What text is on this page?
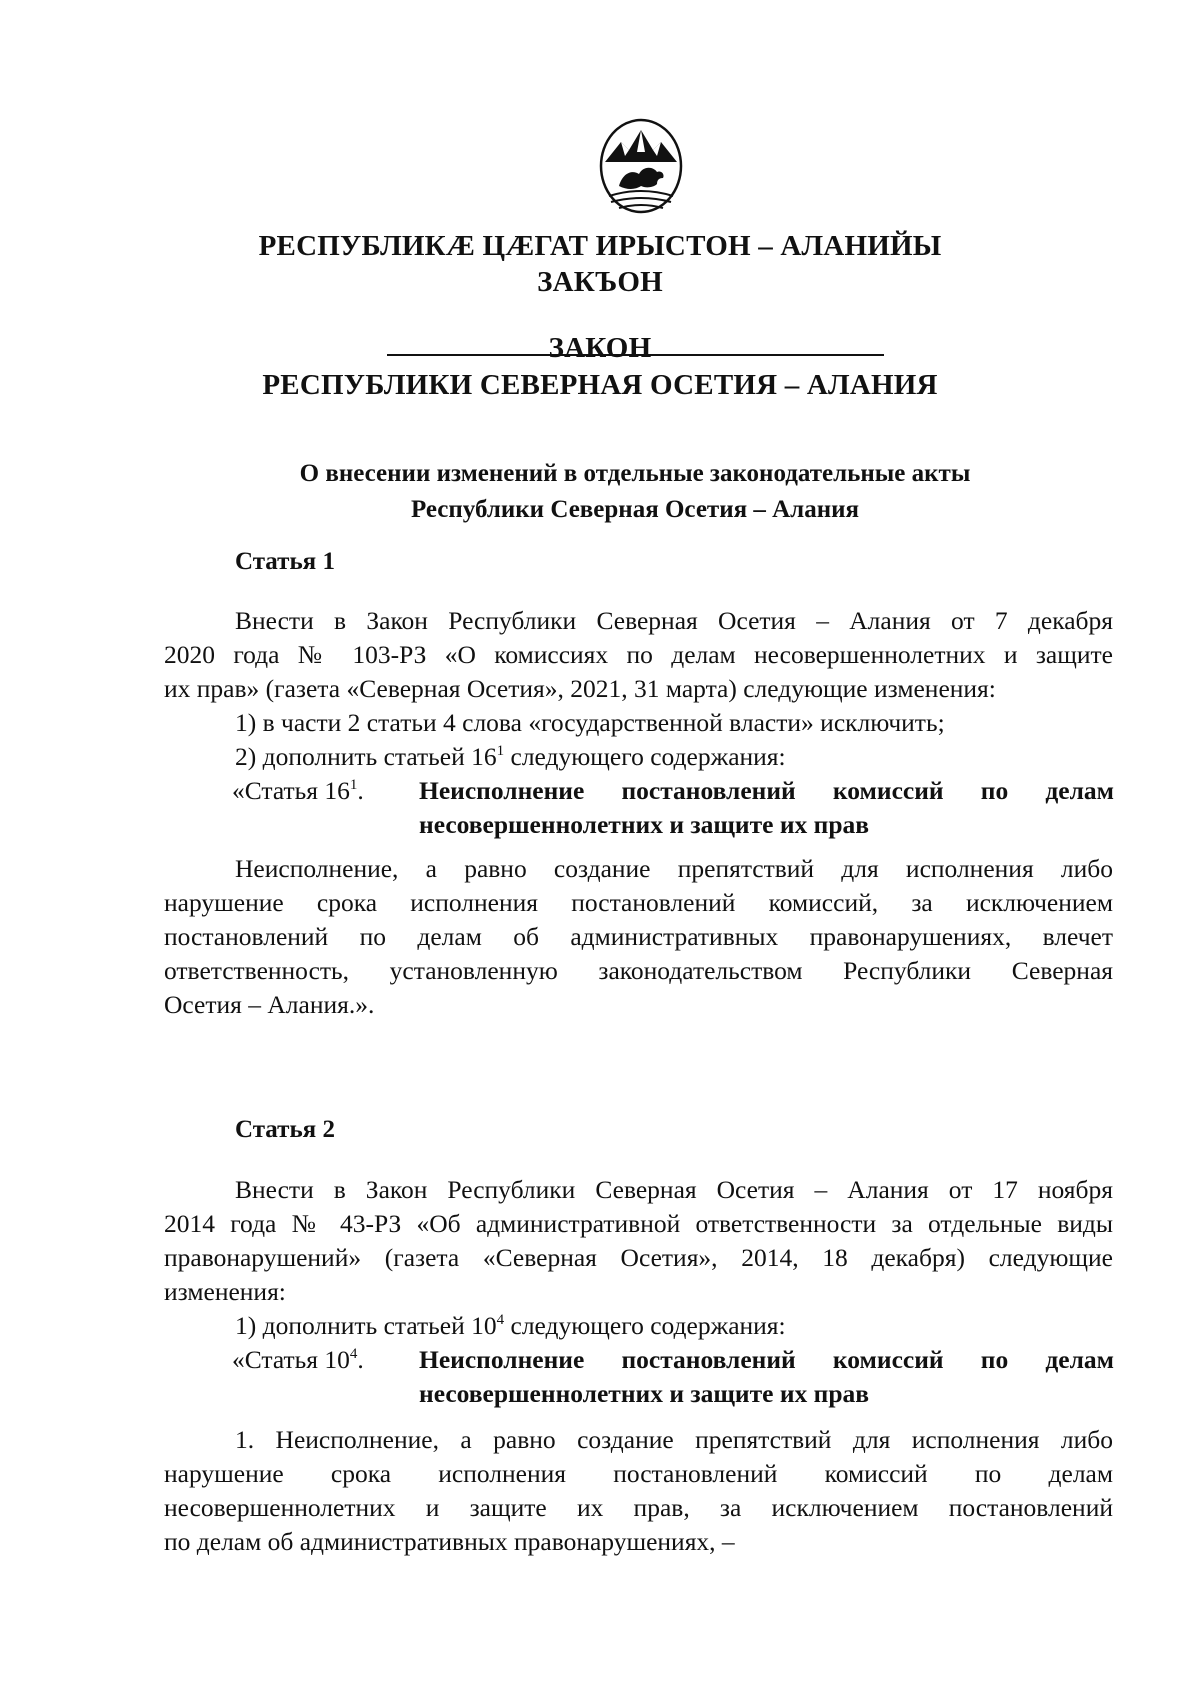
РЕСПУБЛИКӔ ЦӔГАТ ИРЫСТОН – АЛАНИЙЫ
ЗАКЪОН
ЗАКОН
РЕСПУБЛИКИ СЕВЕРНАЯ ОСЕТИЯ – АЛАНИЯ
О внесении изменений в отдельные законодательные акты
Республики Северная Осетия – Алания
Статья 1
Внести в Закон Республики Северная Осетия – Алания от 7 декабря
2020 года № 103-РЗ «О комиссиях по делам несовершеннолетних и защите
их прав» (газета «Северная Осетия», 2021, 31 марта) следующие изменения:
1) в части 2 статьи 4 слова «государственной власти» исключить;
2) дополнить статьей $16^1$ следующего содержания:
«Статья $16^1$. Неисполнение постановлений комиссий по делам
несовершеннолетних и защите их прав
Неисполнение, а равно создание препятствий для исполнения либо
нарушение срока исполнения постановлений комиссий, за исключением
постановлений по делам об административных правонарушениях, влечет
ответственность, установленную законодательством Республики Северная
Осетия – Алания.».
Статья 2
Внести в Закон Республики Северная Осетия – Алания от 17 ноября
2014 года № 43-РЗ «Об административной ответственности за отдельные виды
правонарушений» (газета «Северная Осетия», 2014, 18 декабря) следующие
изменения:
1) дополнить статьей $10^4$ следующего содержания:
«Статья $10^4$. Неисполнение постановлений комиссий по делам
несовершеннолетних и защите их прав
1. Неисполнение, а равно создание препятствий для исполнения либо
нарушение срока исполнения постановлений комиссий по делам
несовершеннолетних и защите их прав, за исключением постановлений
по делам об административных правонарушениях, –
